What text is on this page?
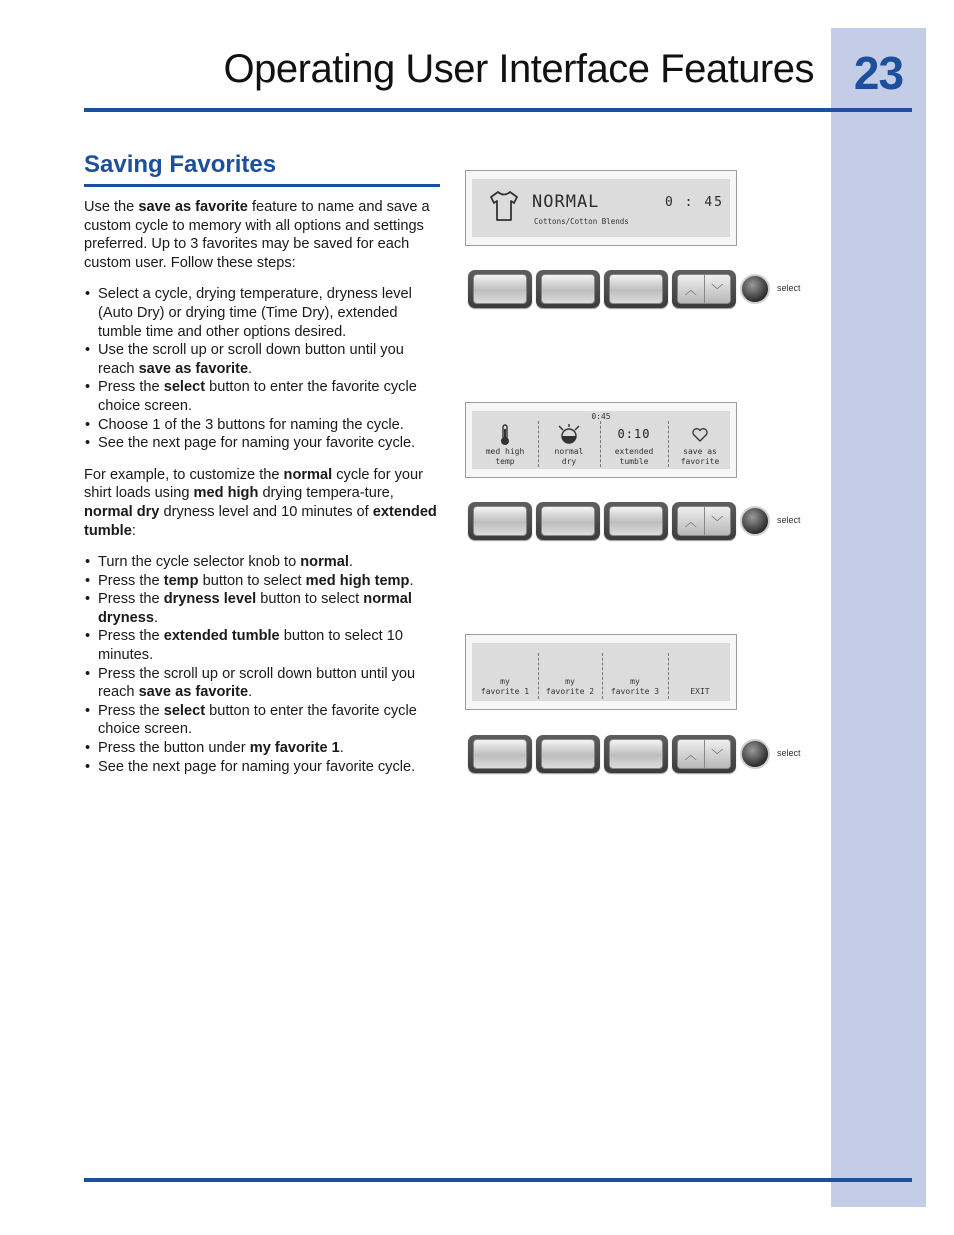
23
Operating User Interface Features
Saving Favorites

Use the save as favorite feature to name and save a custom cycle to memory with all options and settings preferred. Up to 3 favorites may be saved for each custom user. Follow these steps:

• Select a cycle, drying temperature, dryness level (Auto Dry) or drying time (Time Dry), extended tumble time and other options desired.
• Use the scroll up or scroll down button until you reach save as favorite.
• Press the select button to enter the favorite cycle choice screen.
• Choose 1 of the 3 buttons for naming the cycle.
• See the next page for naming your favorite cycle.

For example, to customize the normal cycle for your shirt loads using med high drying tempera-ture, normal dry dryness level and 10 minutes of extended tumble:

• Turn the cycle selector knob to normal.
• Press the temp button to select med high temp.
• Press the dryness level button to select normal dryness.
• Press the extended tumble button to select 10 minutes.
• Press the scroll up or scroll down button until you reach save as favorite.
• Press the select button to enter the favorite cycle choice screen.
• Press the button under my favorite 1.
• See the next page for naming your favorite cycle.
NORMAL
Cottons/Cotton Blends
0 : 45
︿	﹀	select
0:45
med high
temp
normal
dry
0:10
extended
tumble
save as
favorite
︿	﹀	select
my
favorite 1
my
favorite 2
my
favorite 3
	EXIT
︿	﹀	select
